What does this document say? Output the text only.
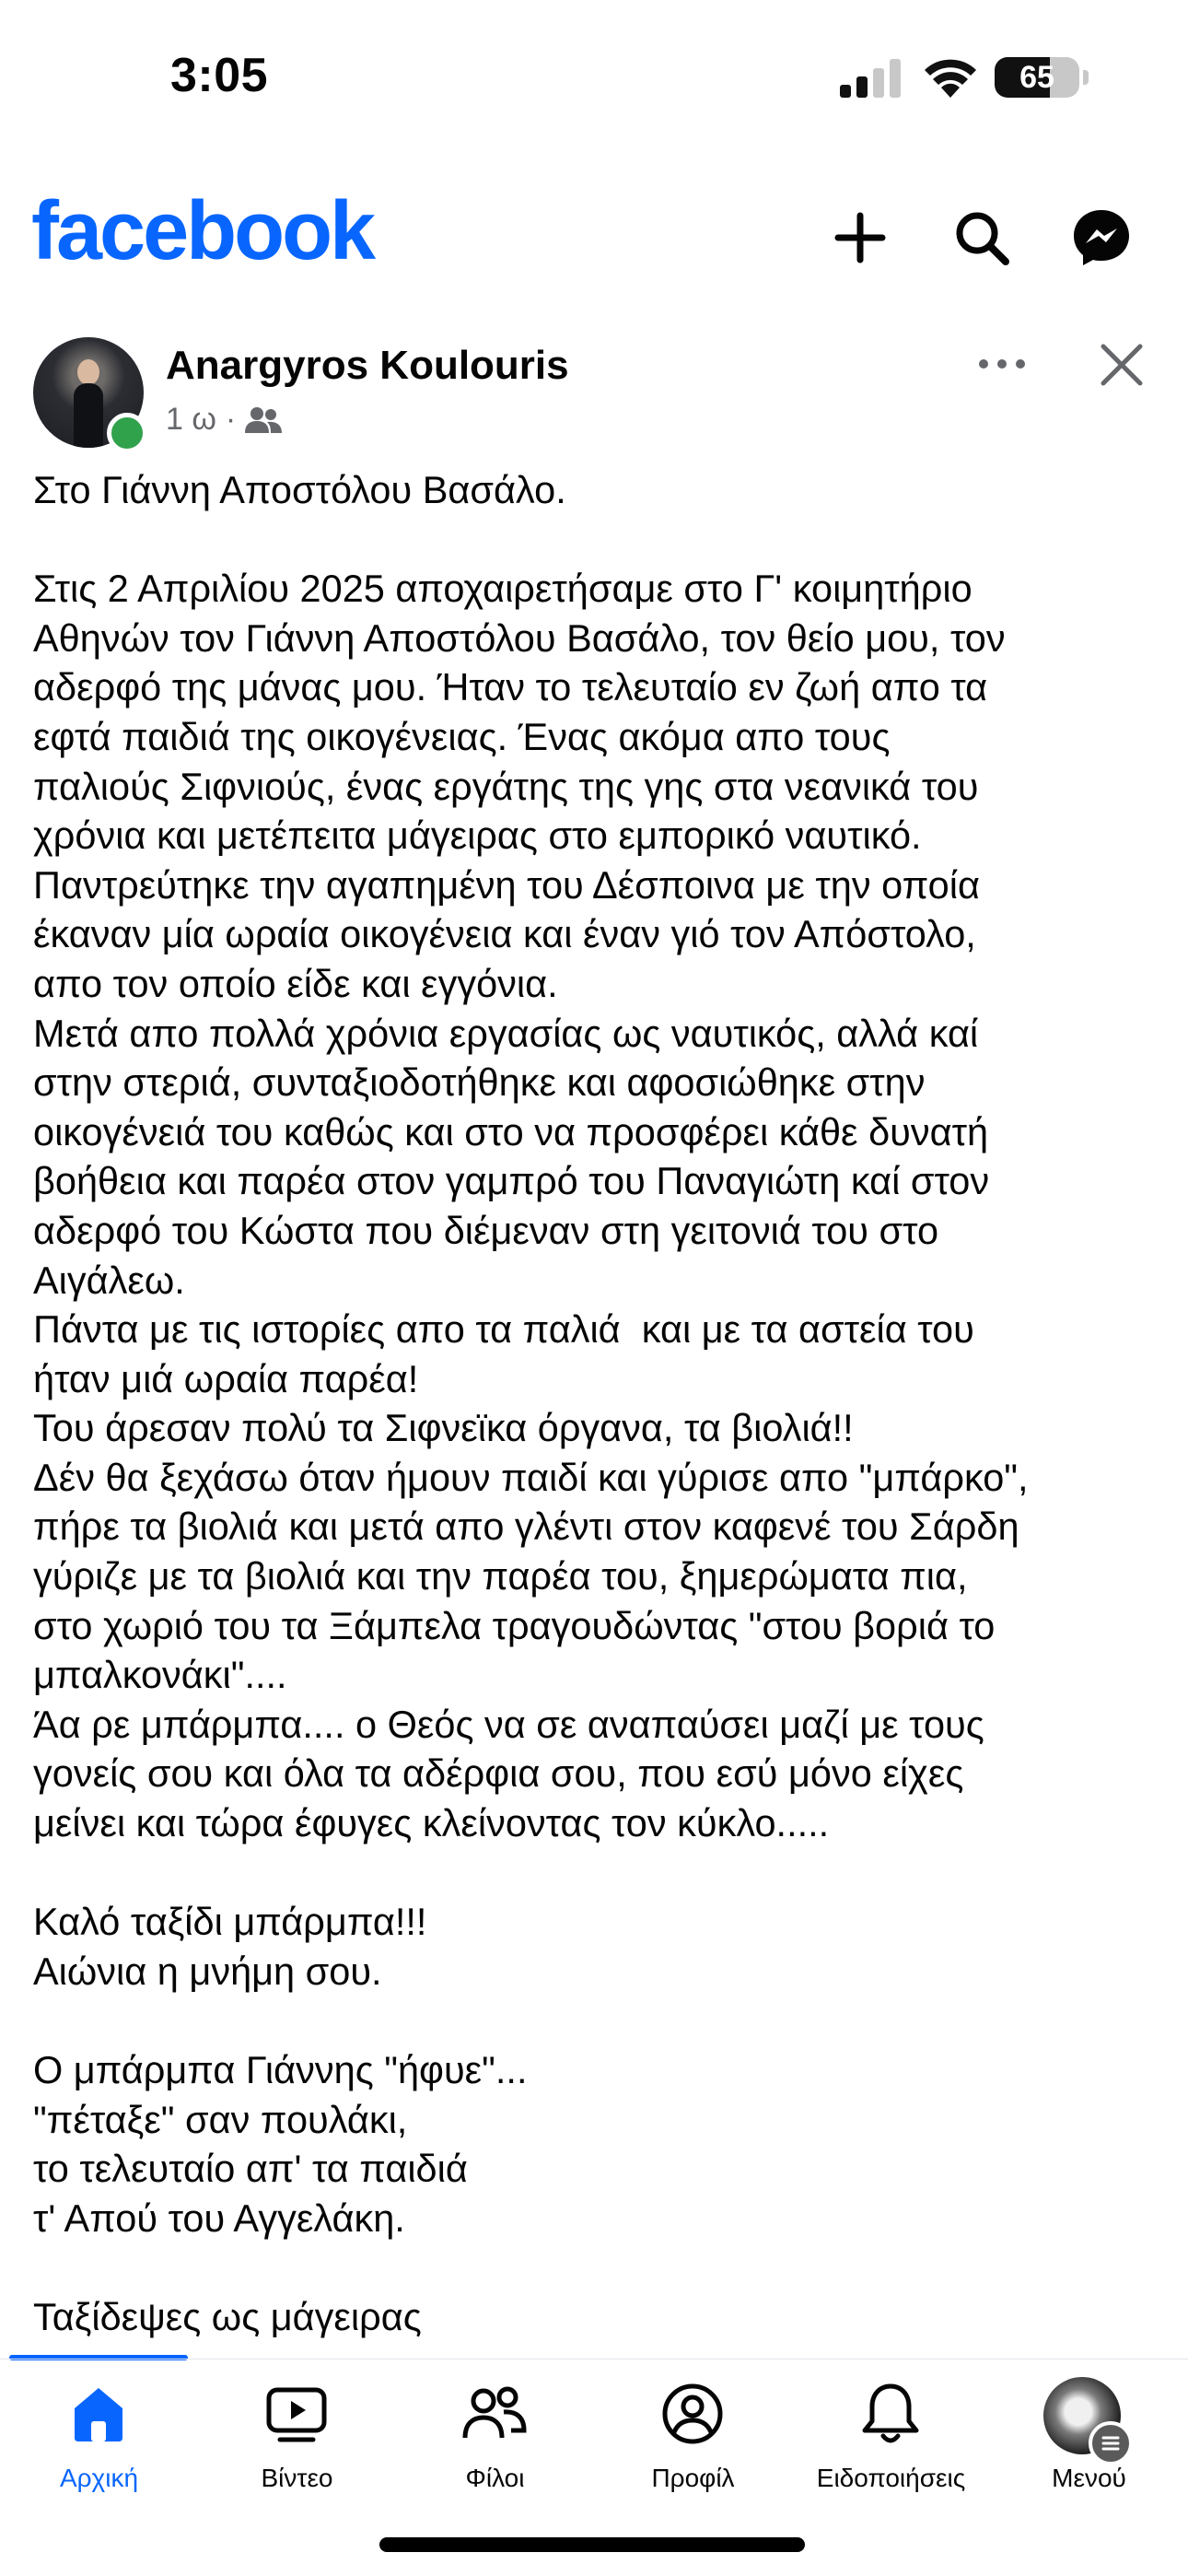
3:05	65
facebook
Anargyros Koulouris
1 ω ·
Στο Γιάννη Αποστόλου Βασάλο.

Στις 2 Απριλίου 2025 αποχαιρετήσαμε στο Γ' κοιμητήριο
Αθηνών τον Γιάννη Αποστόλου Βασάλο, τον θείο μου, τον
αδερφό της μάνας μου. Ήταν το τελευταίο εν ζωή απο τα
εφτά παιδιά της οικογένειας. Ένας ακόμα απο τους
παλιούς Σιφνιούς, ένας εργάτης της γης στα νεανικά του
χρόνια και μετέπειτα μάγειρας στο εμπορικό ναυτικό.
Παντρεύτηκε την αγαπημένη του Δέσποινα με την οποία
έκαναν μία ωραία οικογένεια και έναν γιό τον Απόστολο,
απο τον οποίο είδε και εγγόνια.
Μετά απο πολλά χρόνια εργασίας ως ναυτικός, αλλά καί
στην στεριά, συνταξιοδοτήθηκε και αφοσιώθηκε στην
οικογένειά του καθώς και στο να προσφέρει κάθε δυνατή
βοήθεια και παρέα στον γαμπρό του Παναγιώτη καί στον
αδερφό του Κώστα που διέμεναν στη γειτονιά του στο
Αιγάλεω.
Πάντα με τις ιστορίες απο τα παλιά  και με τα αστεία του
ήταν μιά ωραία παρέα!
Του άρεσαν πολύ τα Σιφνεϊκα όργανα, τα βιολιά!!
Δέν θα ξεχάσω όταν ήμουν παιδί και γύρισε απο "μπάρκο",
πήρε τα βιολιά και μετά απο γλέντι στον καφενέ του Σάρδη
γύριζε με τα βιολιά και την παρέα του, ξημερώματα πια,
στο χωριό του τα Ξάμπελα τραγουδώντας "στου βοριά το
μπαλκονάκι"....
Άα ρε μπάρμπα.... ο Θεός να σε αναπαύσει μαζί με τους
γονείς σου και όλα τα αδέρφια σου, που εσύ μόνο είχες
μείνει και τώρα έφυγες κλείνοντας τον κύκλο.....

Καλό ταξίδι μπάρμπα!!!
Αιώνια η μνήμη σου.

Ο μπάρμπα Γιάννης "ήφυε"...
"πέταξε" σαν πουλάκι,
το τελευταίο απ' τα παιδιά
τ' Απού του Αγγελάκη.

Ταξίδεψες ως μάγειρας
Αρχική	Βίντεο	Φίλοι	Προφίλ	Ειδοποιήσεις	Μενού
